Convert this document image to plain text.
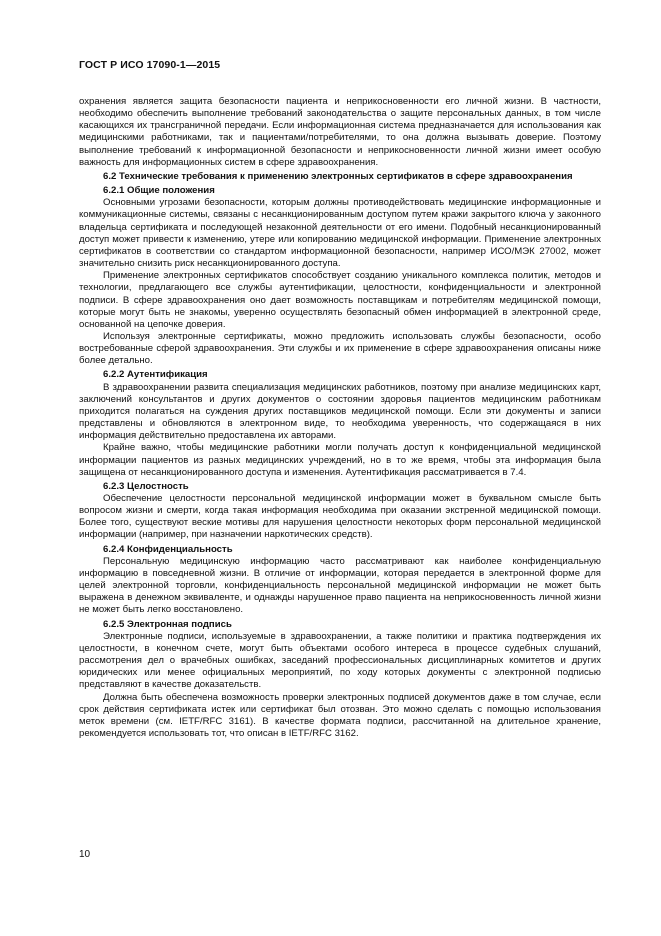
ГОСТ Р ИСО 17090-1—2015

охранения является защита безопасности пациента и неприкосновенности его личной жизни. В частности, необходимо обеспечить выполнение требований законодательства о защите персональных данных, в том числе касающихся их трансграничной передачи. Если информационная система предназначается для использования как медицинскими работниками, так и пациентами/потребителями, то она должна вызывать доверие. Поэтому выполнение требований к информационной безопасности и неприкосновенности личной жизни имеет особую важность для информационных систем в сфере здравоохранения.

6.2 Технические требования к применению электронных сертификатов в сфере здравоохранения

6.2.1 Общие положения

Основными угрозами безопасности, которым должны противодействовать медицинские информационные и коммуникационные системы, связаны с несанкционированным доступом путем кражи закрытого ключа у законного владельца сертификата и последующей незаконной деятельности от его имени. Подобный несанкционированный доступ может привести к изменению, утере или копированию медицинской информации. Применение электронных сертификатов в соответствии со стандартом информационной безопасности, например ИСО/МЭК 27002, может значительно снизить риск несанкционированного доступа.

Применение электронных сертификатов способствует созданию уникального комплекса политик, методов и технологии, предлагающего все службы аутентификации, целостности, конфиденциальности и электронной подписи. В сфере здравоохранения оно дает возможность поставщикам и потребителям медицинской помощи, которые могут быть не знакомы, уверенно осуществлять безопасный обмен информацией в электронной среде, основанной на цепочке доверия.

Используя электронные сертификаты, можно предложить использовать службы безопасности, особо востребованные сферой здравоохранения. Эти службы и их применение в сфере здравоохранения описаны ниже более детально.

6.2.2 Аутентификация

В здравоохранении развита специализация медицинских работников, поэтому при анализе медицинских карт, заключений консультантов и других документов о состоянии здоровья пациентов медицинским работникам приходится полагаться на суждения других поставщиков медицинской помощи. Если эти документы и записи представлены и обновляются в электронном виде, то необходима уверенность, что содержащаяся в них информация действительно предоставлена их авторами.

Крайне важно, чтобы медицинские работники могли получать доступ к конфиденциальной медицинской информации пациентов из разных медицинских учреждений, но в то же время, чтобы эта информация была защищена от несанкционированного доступа и изменения. Аутентификация рассматривается в 7.4.

6.2.3 Целостность

Обеспечение целостности персональной медицинской информации может в буквальном смысле быть вопросом жизни и смерти, когда такая информация необходима при оказании экстренной медицинской помощи. Более того, существуют веские мотивы для нарушения целостности некоторых форм персональной медицинской информации (например, при назначении наркотических средств).

6.2.4 Конфиденциальность

Персональную медицинскую информацию часто рассматривают как наиболее конфиденциальную информацию в повседневной жизни. В отличие от информации, которая передается в электронной форме для целей электронной торговли, конфиденциальность персональной медицинской информации не может быть выражена в денежном эквиваленте, и однажды нарушенное право пациента на неприкосновенность личной жизни не может быть легко восстановлено.

6.2.5 Электронная подпись

Электронные подписи, используемые в здравоохранении, а также политики и практика подтверждения их целостности, в конечном счете, могут быть объектами особого интереса в процессе судебных слушаний, рассмотрения дел о врачебных ошибках, заседаний профессиональных дисциплинарных комитетов и других юридических или менее официальных мероприятий, по ходу которых документы с электронной подписью представляют в качестве доказательств.

Должна быть обеспечена возможность проверки электронных подписей документов даже в том случае, если срок действия сертификата истек или сертификат был отозван. Это можно сделать с помощью использования меток времени (см. IETF/RFC 3161). В качестве формата подписи, рассчитанной на длительное хранение, рекомендуется использовать тот, что описан в IETF/RFC 3162.

10
